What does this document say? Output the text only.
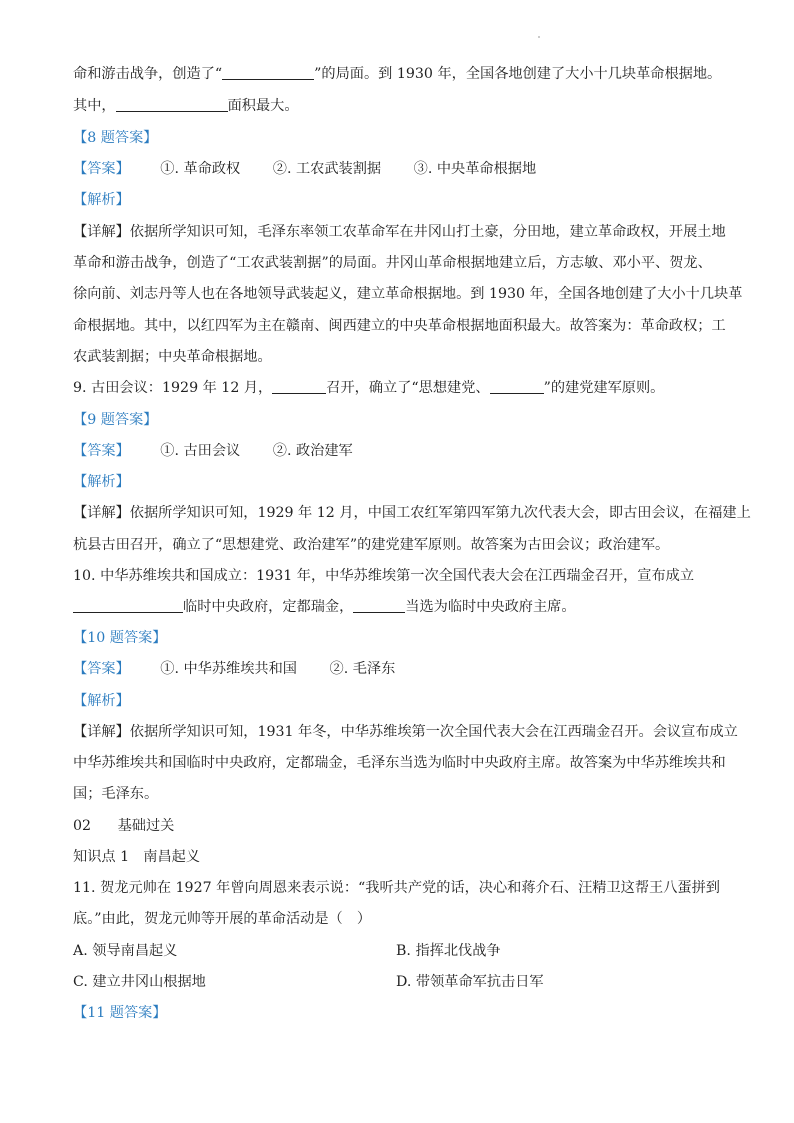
命和游击战争，创造了“	”的局面。到 1930 年，全国各地创建了大小十几块革命根据地。
其中，	面积最大。
【8 题答案】
【答案】 ①. 革命政权 ②. 工农武装割据 ③. 中央革命根据地
【解析】
【详解】依据所学知识可知，毛泽东率领工农革命军在井冈山打土豪，分田地，建立革命政权，开展土地
革命和游击战争，创造了“工农武装割据”的局面。井冈山革命根据地建立后，方志敏、邓小平、贺龙、
徐向前、刘志丹等人也在各地领导武装起义，建立革命根据地。到 1930 年，全国各地创建了大小十几块革
命根据地。其中，以红四军为主在赣南、闽西建立的中央革命根据地面积最大。故答案为：革命政权；工
农武装割据；中央革命根据地。
9. 古田会议：1929 年 12 月，	召开，确立了“思想建党、	”的建党建军原则。
【9 题答案】
【答案】 ①. 古田会议 ②. 政治建军
【解析】
【详解】依据所学知识可知，1929 年 12 月，中国工农红军第四军第九次代表大会，即古田会议，在福建上
杭县古田召开，确立了“思想建党、政治建军”的建党建军原则。故答案为古田会议；政治建军。
10. 中华苏维埃共和国成立：1931 年，中华苏维埃第一次全国代表大会在江西瑞金召开，宣布成立
临时中央政府，定都瑞金，	当选为临时中央政府主席。
【10 题答案】
【答案】 ①. 中华苏维埃共和国 ②. 毛泽东
【解析】
【详解】依据所学知识可知，1931 年冬，中华苏维埃第一次全国代表大会在江西瑞金召开。会议宣布成立
中华苏维埃共和国临时中央政府，定都瑞金，毛泽东当选为临时中央政府主席。故答案为中华苏维埃共和
国；毛泽东。
02 基础过关
知识点 1　南昌起义
11. 贺龙元帅在 1927 年曾向周恩来表示说：“我听共产党的话，决心和蒋介石、汪精卫这帮王八蛋拼到
底。”由此，贺龙元帅等开展的革命活动是（　）
A. 领导南昌起义	B. 指挥北伐战争
C. 建立井冈山根据地	D. 带领革命军抗击日军
【11 题答案】
